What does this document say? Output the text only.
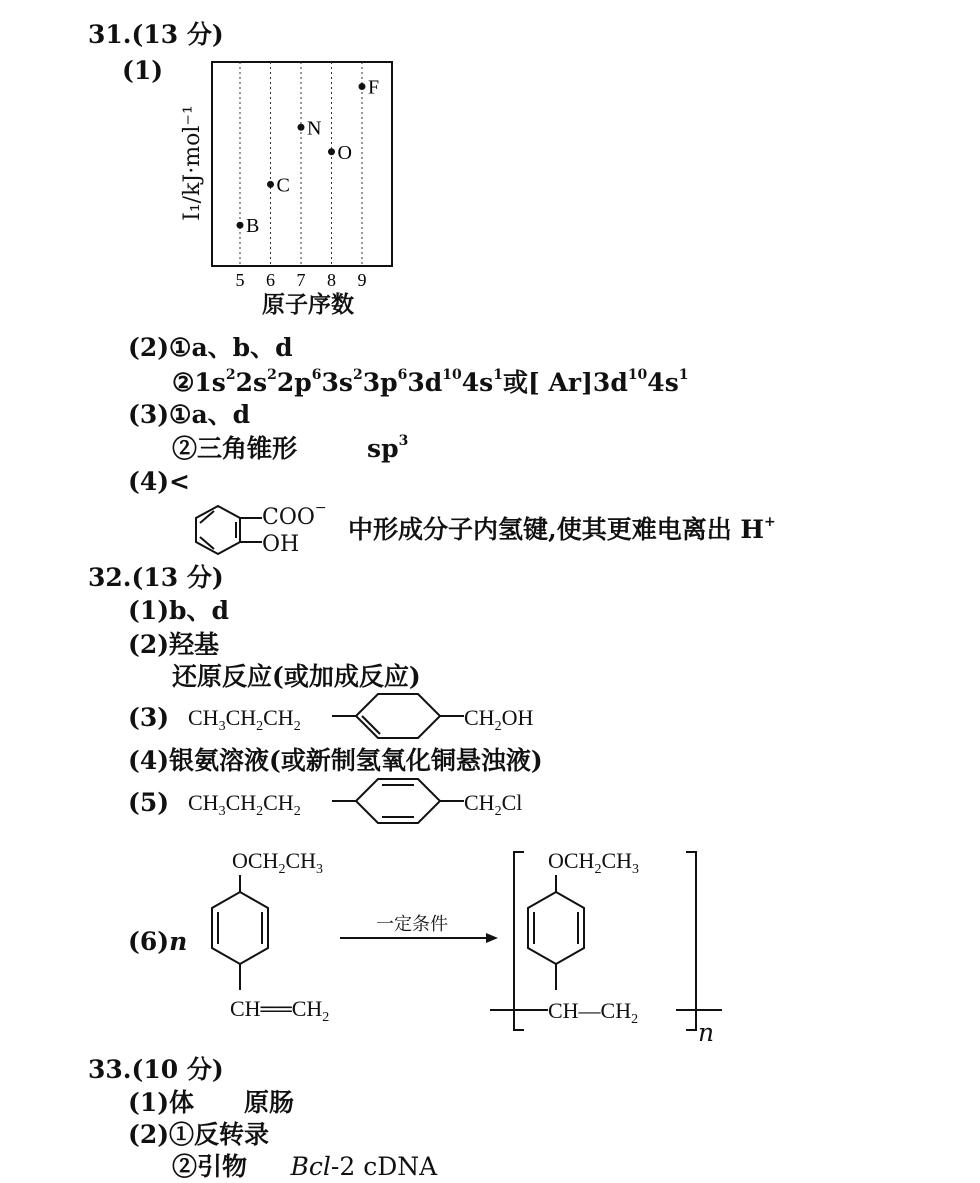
31.(13 分)
(1)
B
C
N
O
F
5 6 7 8 9
I₁/kJ·mol⁻¹
原子序数
(2)①a、b、d
$②1s^22s^22p^63s^23p^63d^{10}4s^1$或[ $Ar]3d^{10}4s^1$
(3)①a、d
②三角锥形	$sp^3$
(4)<
COO−
OH
中形成分子内氢键,使其更难电离出 H+
32.(13 分)
(1)b、d
(2)羟基
还原反应(或加成反应)
(3)
(4)银氨溶液(或新制氢氧化铜悬浊液)
(5)
$CH_3CH_2CH_2$	$CH_2OH$
$CH_3CH_2CH_2$	$CH_2Cl$
$OCH_2CH_3$
$CH══CH_2$
$OCH_2CH_3$
$CH—CH_2$
(6)n
一定条件
n
33.(10 分)
(1)体　　原肠
(2)①反转录
②引物 Bcl-2 cDNA
